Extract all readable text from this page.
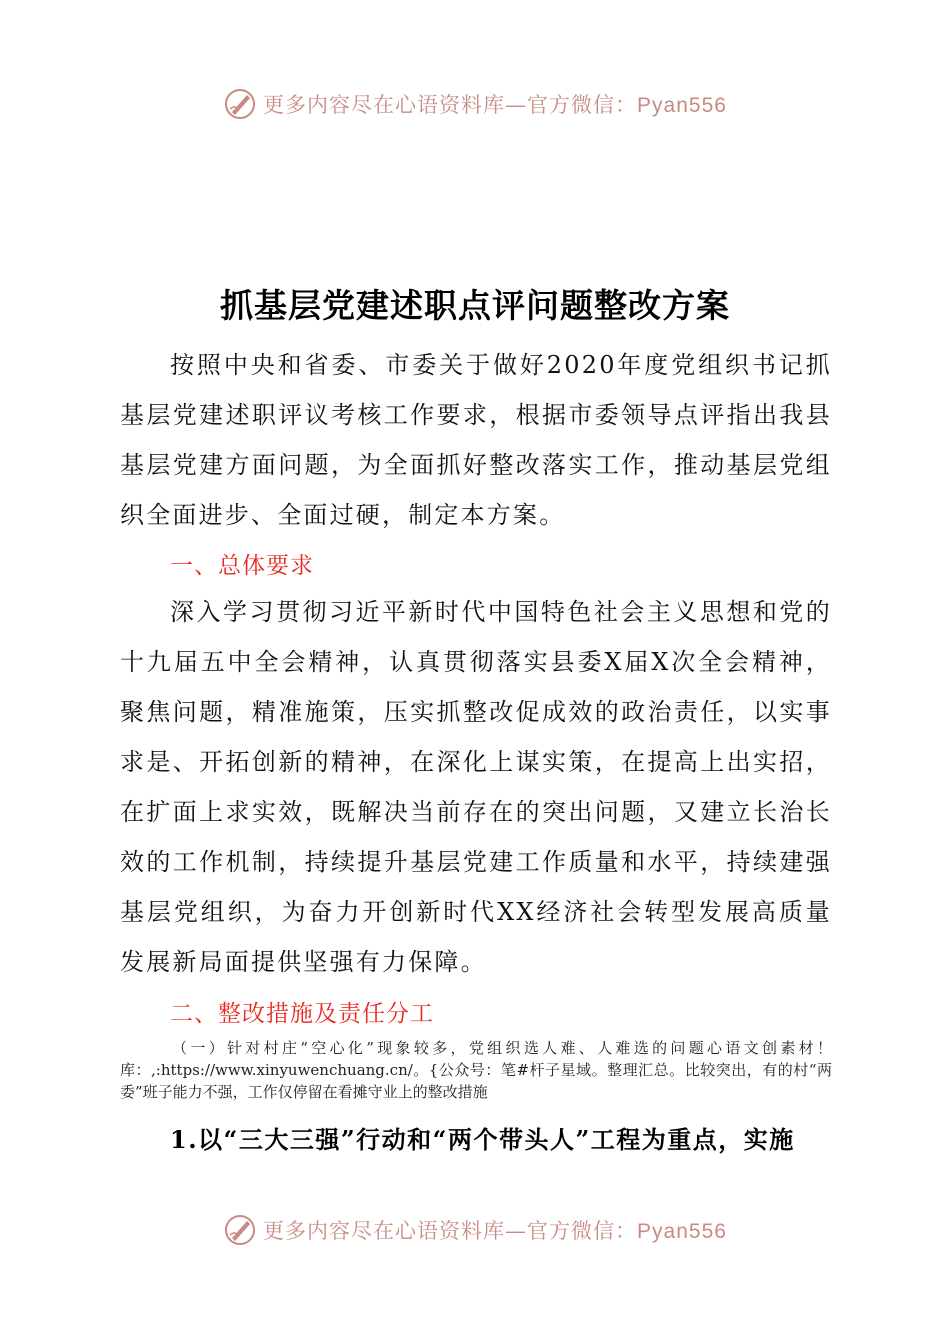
更多内容尽在心语资料库—官方微信：Pyan556
抓基层党建述职点评问题整改方案

按照中央和省委、市委关于做好2020年度党组织书记抓基层党建述职评议考核工作要求，根据市委领导点评指出我县基层党建方面问题，为全面抓好整改落实工作，推动基层党组织全面进步、全面过硬，制定本方案。

一、总体要求

深入学习贯彻习近平新时代中国特色社会主义思想和党的十九届五中全会精神，认真贯彻落实县委X届X次全会精神，聚焦问题，精准施策，压实抓整改促成效的政治责任，以实事求是、开拓创新的精神，在深化上谋实策，在提高上出实招，在扩面上求实效，既解决当前存在的突出问题，又建立长治长效的工作机制，持续提升基层党建工作质量和水平，持续建强基层党组织，为奋力开创新时代XX经济社会转型发展高质量发展新局面提供坚强有力保障。

二、整改措施及责任分工

（一）针对村庄“空心化”现象较多，党组织选人难、人难选的问题心语文创素材！库：,:https://www.xinyuwenchuang.cn/。{公众号：笔#杆子星域。整理汇总。比较突出，有的村“两委”班子能力不强，工作仅停留在看摊守业上的整改措施

1.以“三大三强”行动和“两个带头人”工程为重点，实施

更多内容尽在心语资料库—官方微信：Pyan556
